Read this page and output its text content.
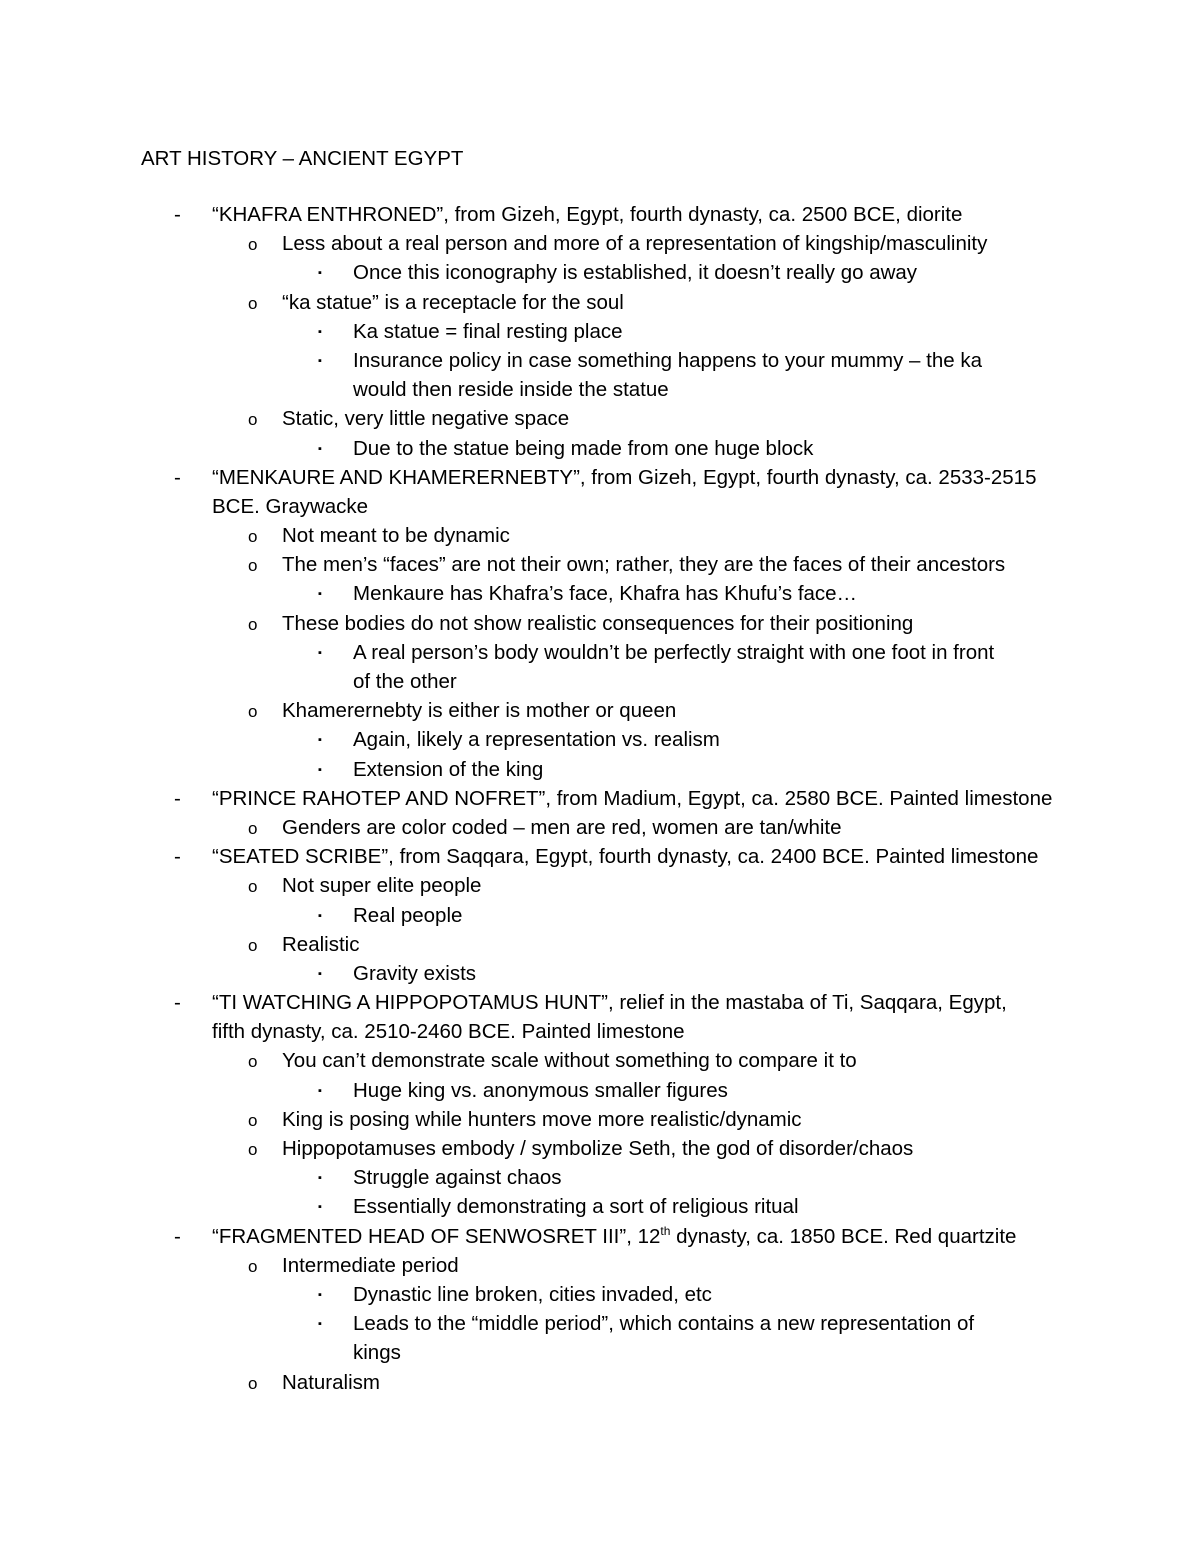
ART HISTORY – ANCIENT EGYPT
- “KHAFRA ENTHRONED”, from Gizeh, Egypt, fourth dynasty, ca. 2500 BCE, diorite
o Less about a real person and more of a representation of kingship/masculinity
▪ Once this iconography is established, it doesn’t really go away
o “ka statue” is a receptacle for the soul
▪ Ka statue = final resting place
▪ Insurance policy in case something happens to your mummy – the ka
would then reside inside the statue
o Static, very little negative space
▪ Due to the statue being made from one huge block
- “MENKAURE AND KHAMERERNEBTY”, from Gizeh, Egypt, fourth dynasty, ca. 2533-2515
BCE. Graywacke
o Not meant to be dynamic
o The men’s “faces” are not their own; rather, they are the faces of their ancestors
▪ Menkaure has Khafra’s face, Khafra has Khufu’s face…
o These bodies do not show realistic consequences for their positioning
▪ A real person’s body wouldn’t be perfectly straight with one foot in front
of the other
o Khamerernebty is either is mother or queen
▪ Again, likely a representation vs. realism
▪ Extension of the king
- “PRINCE RAHOTEP AND NOFRET”, from Madium, Egypt, ca. 2580 BCE. Painted limestone
o Genders are color coded – men are red, women are tan/white
- “SEATED SCRIBE”, from Saqqara, Egypt, fourth dynasty, ca. 2400 BCE. Painted limestone
o Not super elite people
▪ Real people
o Realistic
▪ Gravity exists
- “TI WATCHING A HIPPOPOTAMUS HUNT”, relief in the mastaba of Ti, Saqqara, Egypt,
fifth dynasty, ca. 2510-2460 BCE. Painted limestone
o You can’t demonstrate scale without something to compare it to
▪ Huge king vs. anonymous smaller figures
o King is posing while hunters move more realistic/dynamic
o Hippopotamuses embody / symbolize Seth, the god of disorder/chaos
▪ Struggle against chaos
▪ Essentially demonstrating a sort of religious ritual
- “FRAGMENTED HEAD OF SENWOSRET III”, 12th dynasty, ca. 1850 BCE. Red quartzite
o Intermediate period
▪ Dynastic line broken, cities invaded, etc
▪ Leads to the “middle period”, which contains a new representation of
kings
o Naturalism
